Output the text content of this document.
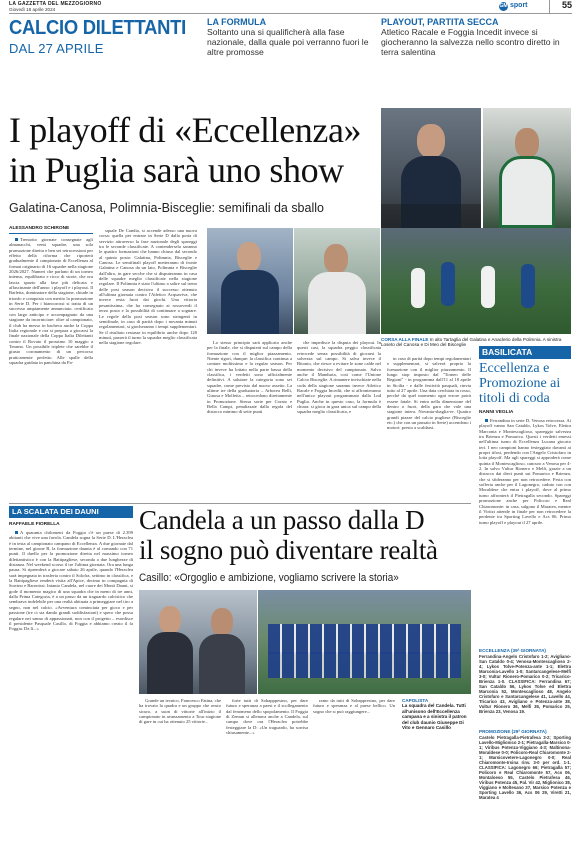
LA GAZZETTA DEL MEZZOGIORNO
Giovedì 18 aprile 2024
GM sport	55
CALCIO DILETTANTI
DAL 27 APRILE
LA FORMULA
Soltanto una si qualificherà alla fase nazionale, dalla quale poi verranno fuori le altre promosse
PLAYOUT, PARTITA SECCA
Atletico Racale e Foggia Incedit invece si giocheranno la salvezza nello scontro diretto in terra salentina
I playoff di «Eccellenza»
in Puglia sarà uno show
Galatina-Canosa, Polimnia-Bisceglie: semifinali da sballo
CORSA ALLA FINALE In alto Tartaglia del Galatina e Anaclerio della Polimnia. A sinistra Loseto del Canosa e Di Meo del Bisceglie
ALESSANDRO SCHIRONE

Trentotto giornate consegnate agli almanacchi, venti squadre, una sola promozione diretta e ben sei retrocessioni per effetto della riforma che riporterà gradualmente il campionato di Eccellenza al format originario di 16 squadre nella stagione 2026/2027. Numeri che parlano di un torneo intenso, equilibrato e ricco di storie, che ora lascia spazio alla fase più delicata e affascinante dell'anno: i playoff e i playout. Il Barletta, dominatore della stagione, chiude in trionfo e conquista con merito la promozione in Serie D. Per i biancorossi si tratta di un successo ampiamente annunciato, certificato con largo anticipo e accompagnato da una stagione da incorniciare: oltre al campionato, il club ha messo in bacheca anche la Coppa Italia regionale e ora si prepara a giocarsi la finale nazionale della Coppa Italia Dilettanti contro il Rovato il prossimo 10 maggio a Teramo. Un possibile triplete che sarebbe il giusto coronamento di un percorso praticamente perfetto. Alle spalle della squadra guidata in panchina da Pa-

squale De Candia, si accende adesso una nuova corsa: quella per entrare in Serie D dalla porta di servizio attraverso la fase nazionale degli spareggi tra le seconde classificate. A contendersela saranno le quattro formazioni che hanno chiuso dal secondo al quinto posto: Galatina, Polimnia, Bisceglie e Canosa. Le semifinali playoff metteranno di fronte Galatina e Canosa da un lato, Polimnia e Bisceglie dall'altro, in gare secche che si disputeranno in casa delle squadre meglio classificate nella stagione regolare. Il Polimnia è stato l'ultimo a salire sul treno delle post season decisivo il successo ottenuto all'ultima giornata contro l'Atletico Acquaviva, che invece resta fuori dai giochi. Una vittoria pesantissima, che ha consegnato ai rossoverdi il terzo posto e la possibilità di continuare a sognare. Le regole della post season sono stringenti in semifinale, in caso di parità dopo i novanta minuti regolamentari, si giocheranno i tempi supplementari. Se il risultato restasse in equilibrio anche dopo 120 minuti, passerà il turno la squadra meglio classificata nella stagione regolare.	Lo stesso principio sarà applicato anche per la finale, che si disputerà sul campo della formazione con il miglior piazzamento. Niente rigori, dunque: la classifica continua a contare moltissimo e la regular season. Per chi invece ha lottato nella parte bassa della classifica, i verdetti sono ufficialmente definitivi. A salutare la categoria sono sei squadre, come previsto dal nuovo assetto. La ultime tre della graduatoria – Arborea Belli, Ginosa e Molfetta – retrocedono direttamente in Promozione. Stessa sorte per Corato e Bella Campi, penalizzate dalla regola del distacco minimo di sette punti

che impedisce la disputa dei playout. In questi casi, la squadra peggio classificata retrocede senza possibilità di giocarsi la salvezza sul campo. Si salva invece il Bitonto, che riesce a evitare le zone calde nel momento decisivo del campionato. Salvo anche il Manduria, così come l'Unione Calcio Bisceglie. A rimanere invischiate nella coda della stagione saranno invece Atletico Racale e Foggia Incedit, che si affronteranno nell'unico playout programmato dalla Lnd Puglia. Anche in questo caso, la formula è chiara: si gioca in gara unica sul campo della squadra meglio classificata, e

in caso di parità dopo tempi regolamentari e supplementari, si salverà proprio la formazione con il miglior piazzamento. Il lungo stop imposto dal "Torneo delle Regioni" - in programma dall'11 al 18 aprile in Sicilia - e dalle festività pasquali, rinvia tutto al 27 aprile. Una data cerchiata in rosso, perché da quel momento ogni errore potrà essere fatale. Si entra nella dimensione del dentro o fuori, della gara che vale una stagione intera. Novanta-sbaglia-re. Quattro grandi piazze del calcio pugliese (Bisceglie etc.) che con un passato in Serie) accendono i motori: presto a scaldarsi.

BASILICATA
Eccellenza e Promozione ai titoli di coda
NANNI VEGLIA

Ferrandina in serie D, Venosa retrocessa. Ai playoff vanno San Cataldo, Lykos Tolve, Elettra Marconia e Montescaglioso, spareggio salvezza tra Brienza e Pomarico. Questi i verdetti emessi nell'ultima turno di Eccellenza Lucana giocato ieri. I neo campioni hanno festeggiato davanti ai propri tifosi, perdendo con l'Angelo Cristofaro in lotta playoff. Ma agli spareggi si approderà come quinta il Montescaglioso, cancuro a Venosa per 4-2. In salvo Vultur Rionero e Melfi, grazie a un distacco dai dieci punti sui Pomarico e Brienza, che si sfideranno per non retrocedere. Festa con sofferta anche per il Lagonegro, caduto con con Moraldese che entra i playoff, dove al primo turno affronterà il Pietragalla secondo. Spareggi promozione anche per Policoro e Real Chiaromonte: in casa, salgono il Maratea, mentre il Viritzi attende in finale per non retrocedere la perdente tra Sporting Lavello e Acs 06. Primo turno playoff e playout il 27 aprile.

ECCELLENZA (39ª GIORNATA)

Ferrandina-Angelo Cristofaro 1-2; Avigliano-San Cataldo 0-4; Venosa-Montescaglioso 2-4; Lykos Tolve-Potenza-ante 1-1; Elettra Marconia-Lavello 1-0; Santarcangelese-Melfi 3-0; Vultur Rionero-Pomarico 0-2; Tricarico-Brienza 1-0. CLASSIFICA: Ferrandina 67; San Cataldo 56, Lykos Tolve ed Elettra Marconia 52, Montescaglioso 48, Angelo Cristofaro e Santarcangelese 41, Lavello 44, Tricarico 43, Avigliano e Potenza-ante 38, Vultur Rionero 36, Melfi 35, Pomarico 25, Brienza 23, Venosa 19.

PROMOZIONE (29ª GIORNATA)

Castelo Pietragalla-Pietrafesa 3-2; Sporting Lavello-Miglionico 2-1; Pietragalla-Marsico 0-1; Viribus Potenza-Viggiano 4-3; Maltinona-Moraldese 0-0; Policoro-Real Chiaromonte 2-1; Marsicovetere-Lagonegro 0-0; Real Chiaromonte-Irsina rinv. 3-0 per ord. 1-1. CLASSIFICA: Lagonegro 66; Pietragalla 57; Policoro e Real Chiaromonte 57, Acs 06, Montaloeso 55, Castelo Pietrafesa 46, Viribus Potenza 45, Pal. Vir 42, Miglionico 38, Viggiano e Moltesano 37, Marsico Potenza e Sporting Lavello 36, Acs 06 29, Viretti 21, Maratea 4

LA SCALATA DEI DAUNI
RAFFAELE FIORELLA

A quaranta chilometri da Foggia c'è un paese di 2.399 abitanti che vive una favola. Candela sogna la Serie D. L'Heraclea è in testa al campionato campano di Eccellenza. A due giornate dal termine, nel girone B, la formazione daunia è al comando con 71 punti. Il duello per la promozione diretta nel massimo torneo dilettantistico è con la Battipagliese, seconda a due lunghezze di distanza. Nel weekend scorso il tre l'ultima giornata. Ora una lunga pausa. Si riprenderà a giocare sabato 26 aprile, quando l'Heraclea sarà impegnata in trasferta contro il Solofra, settimo in classifica, e la Battipagliese renderà visita all'Apice, decimo in compagnia di Sorrino e Baronissi. Intanto Candela, nel cuore dei Monti Dauni, si gode il momento magico di una squadra che in meno di tre anni, dalla Prima Categoria, è a un passo da un traguardo calcistico che sembrava indelebile per una realtà abituata a primeggiare nel tiro a segno, non nel calcio. «Avventura cominciata per gioco e per passione (tre ci sta dando grandi soddisfazioni) e spero che possa regalare nei sanno di appassionati, non con il progetto – esordisce il presidente Pasquale Casillo, di Foggia e abbiamo creato il fa Foggia. Da lì...»

Candela a un passo dalla D
il sogno può diventare realtà
Casillo: «Orgoglio e ambizione, vogliamo scrivere la storia»

Grande un tecnico, Francesco Fatina, che ha trovato la quadra e un gruppo che avuto sicuro, a suon di vittorie all'inizio il campionato in avanzamento a Tour stagione di gare in cui ha ottenuto 25 vittorie...

forte tutti di Sobapppesino, per dare futuro e speranza a paesi e il scollegamento dal fenomeno dello spopolamento. Il Foggia di Zeman si allenava anche a Candela, sul campo dove ora l'Heraclea potrebbe festeggiare la D: «Un traguardo, ha sorrisa chiusamente...»

ramo da tutti di Sobappresino, per dare futuro e speranza e al paese bellico. Un sogno che si può raggiungere...

CAPOLISTA
La squadra del Candela. Tutti all'unisono dell'Eccellenza campana e a sinistra il patron del club daunio Giuseppe Di Vito e Gennaro Casillo
